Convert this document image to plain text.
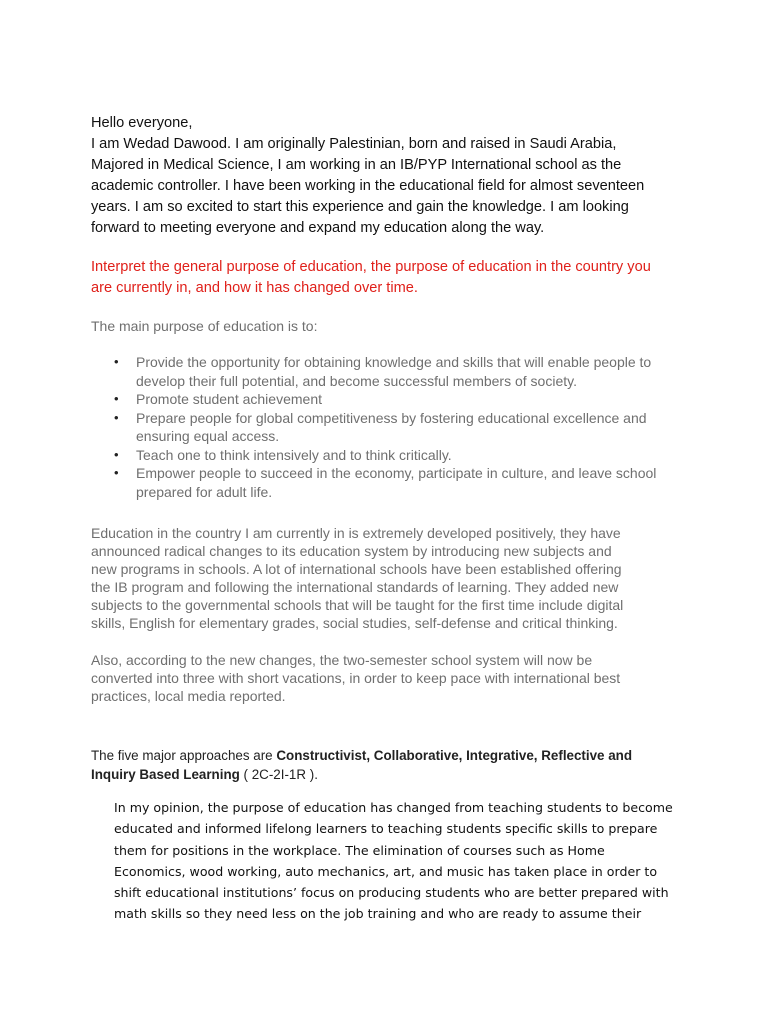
Hello everyone,

I am Wedad Dawood. I am originally Palestinian, born and raised in Saudi Arabia,

Majored in Medical Science, I am working in an IB/PYP International school as the

academic controller. I have been working in the educational field for almost seventeen

years. I am so excited to start this experience and gain the knowledge. I am looking

forward to meeting everyone and expand my education along the way.

Interpret the general purpose of education, the purpose of education in the country you
are currently in, and how it has changed over time.

The main purpose of education is to:

• Provide the opportunity for obtaining knowledge and skills that will enable people to develop their full potential, and become successful members of society.
• Promote student achievement
• Prepare people for global competitiveness by fostering educational excellence and ensuring equal access.
• Teach one to think intensively and to think critically.
• Empower people to succeed in the economy, participate in culture, and leave school prepared for adult life.

Education in the country I am currently in is extremely developed positively, they have

announced radical changes to its education system by introducing new subjects and

new programs in schools. A lot of international schools have been established offering

the IB program and following the international standards of learning. They added new

subjects to the governmental schools that will be taught for the first time include digital

skills, English for elementary grades, social studies, self-defense and critical thinking.

Also, according to the new changes, the two-semester school system will now be

converted into three with short vacations, in order to keep pace with international best

practices, local media reported.

The five major approaches are Constructivist, Collaborative, Integrative, Reflective and
Inquiry Based Learning ( 2C-2I-1R ).

In my opinion, the purpose of education has changed from teaching students to become

educated and informed lifelong learners to teaching students specific skills to prepare

them for positions in the workplace. The elimination of courses such as Home

Economics, wood working, auto mechanics, art, and music has taken place in order to

shift educational institutions’ focus on producing students who are better prepared with

math skills so they need less on the job training and who are ready to assume their
